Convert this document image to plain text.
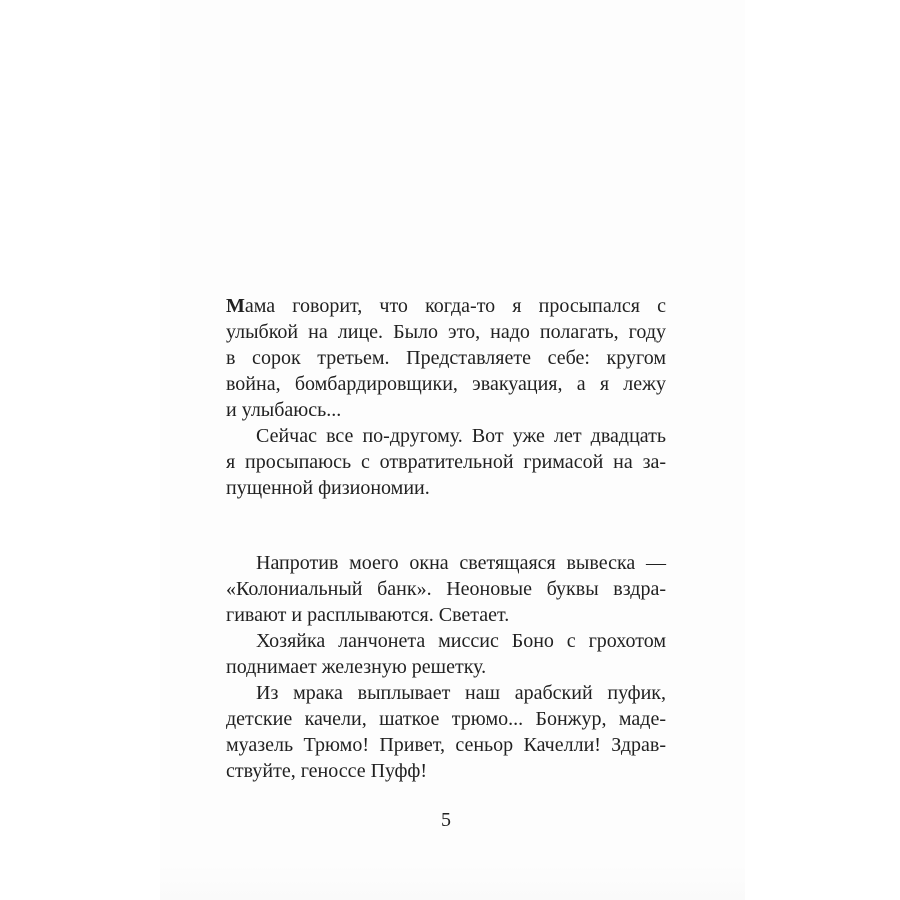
Мама говорит, что когда-то я просыпался с
улыбкой на лице. Было это, надо полагать, году
в сорок третьем. Представляете себе: кругом
война, бомбардировщики, эвакуация, а я лежу
и улыбаюсь...
Сейчас все по-другому. Вот уже лет двадцать
я просыпаюсь с отвратительной гримасой на за-
пущенной физиономии.
Напротив моего окна светящаяся вывеска —
«Колониальный банк». Неоновые буквы вздра-
гивают и расплываются. Светает.
Хозяйка ланчонета миссис Боно с грохотом
поднимает железную решетку.
Из мрака выплывает наш арабский пуфик,
детские качели, шаткое трюмо... Бонжур, маде-
муазель Трюмо! Привет, сеньор Качелли! Здрав-
ствуйте, геноссе Пуфф!
5
